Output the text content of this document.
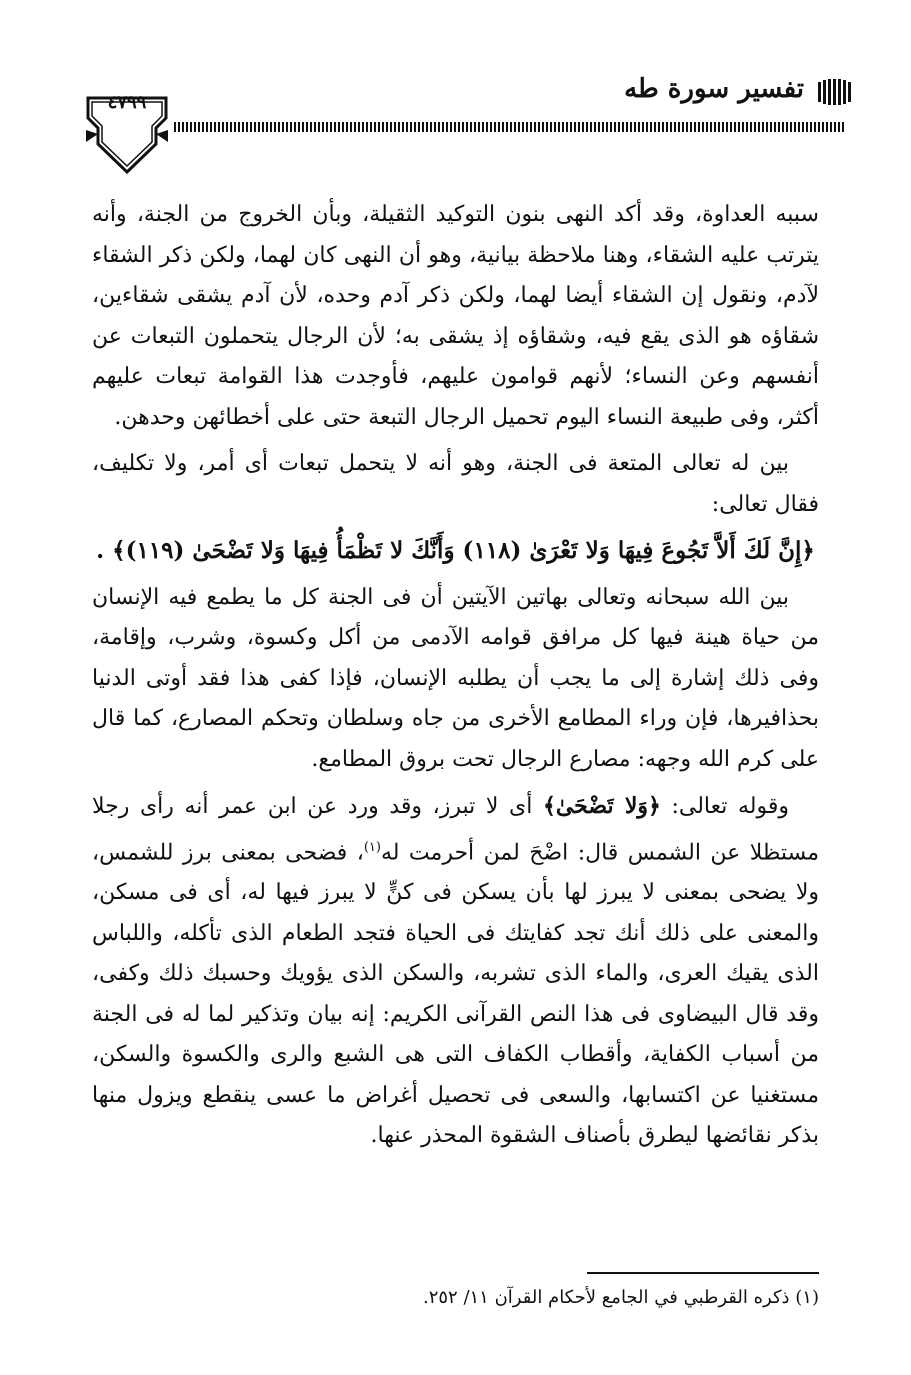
٤٧٩٩	تفسير سورة طه

سببه العداوة، وقد أكد النهى بنون التوكيد الثقيلة، وبأن الخروج من الجنة، وأنه يترتب عليه الشقاء، وهنا ملاحظة بيانية، وهو أن النهى كان لهما، ولكن ذكر الشقاء لآدم، ونقول إن الشقاء أيضا لهما، ولكن ذكر آدم وحده، لأن آدم يشقى شقاءين، شقاؤه هو الذى يقع فيه، وشقاؤه إذ يشقى به؛ لأن الرجال يتحملون التبعات عن أنفسهم وعن النساء؛ لأنهم قوامون عليهم، فأوجدت هذا القوامة تبعات عليهم أكثر، وفى طبيعة النساء اليوم تحميل الرجال التبعة حتى على أخطائهن وحدهن.

بين له تعالى المتعة فى الجنة، وهو أنه لا يتحمل تبعات أى أمر، ولا تكليف، فقال تعالى:

﴿إِنَّ لَكَ أَلاَّ تَجُوعَ فِيهَا وَلا تَعْرَىٰ (١١٨) وَأَنَّكَ لا تَظْمَأُ فِيهَا وَلا تَضْحَىٰ (١١٩)﴾ .

بين الله سبحانه وتعالى بهاتين الآيتين أن فى الجنة كل ما يطمع فيه الإنسان من حياة هينة فيها كل مرافق قوامه الآدمى من أكل وكسوة، وشرب، وإقامة، وفى ذلك إشارة إلى ما يجب أن يطلبه الإنسان، فإذا كفى هذا فقد أوتى الدنيا بحذافيرها، فإن وراء المطامع الأخرى من جاه وسلطان وتحكم المصارع، كما قال على كرم الله وجهه: مصارع الرجال تحت بروق المطامع.

وقوله تعالى: ﴿وَلا تَضْحَىٰ﴾ أى لا تبرز، وقد ورد عن ابن عمر أنه رأى رجلا مستظلا عن الشمس قال: اضْحَ لمن أحرمت له$^{(١)}$، فضحى بمعنى برز للشمس، ولا يضحى بمعنى لا يبرز لها بأن يسكن فى كنٍّ لا يبرز فيها له، أى فى مسكن، والمعنى على ذلك أنك تجد كفايتك فى الحياة فتجد الطعام الذى تأكله، واللباس الذى يقيك العرى، والماء الذى تشربه، والسكن الذى يؤويك وحسبك ذلك وكفى، وقد قال البيضاوى فى هذا النص القرآنى الكريم: إنه بيان وتذكير لما له فى الجنة من أسباب الكفاية، وأقطاب الكفاف التى هى الشبع والرى والكسوة والسكن، مستغنيا عن اكتسابها، والسعى فى تحصيل أغراض ما عسى ينقطع ويزول منها بذكر نقائضها ليطرق بأصناف الشقوة المحذر عنها.

(١) ذكره القرطبي في الجامع لأحكام القرآن ١١/ ٢٥٢.
